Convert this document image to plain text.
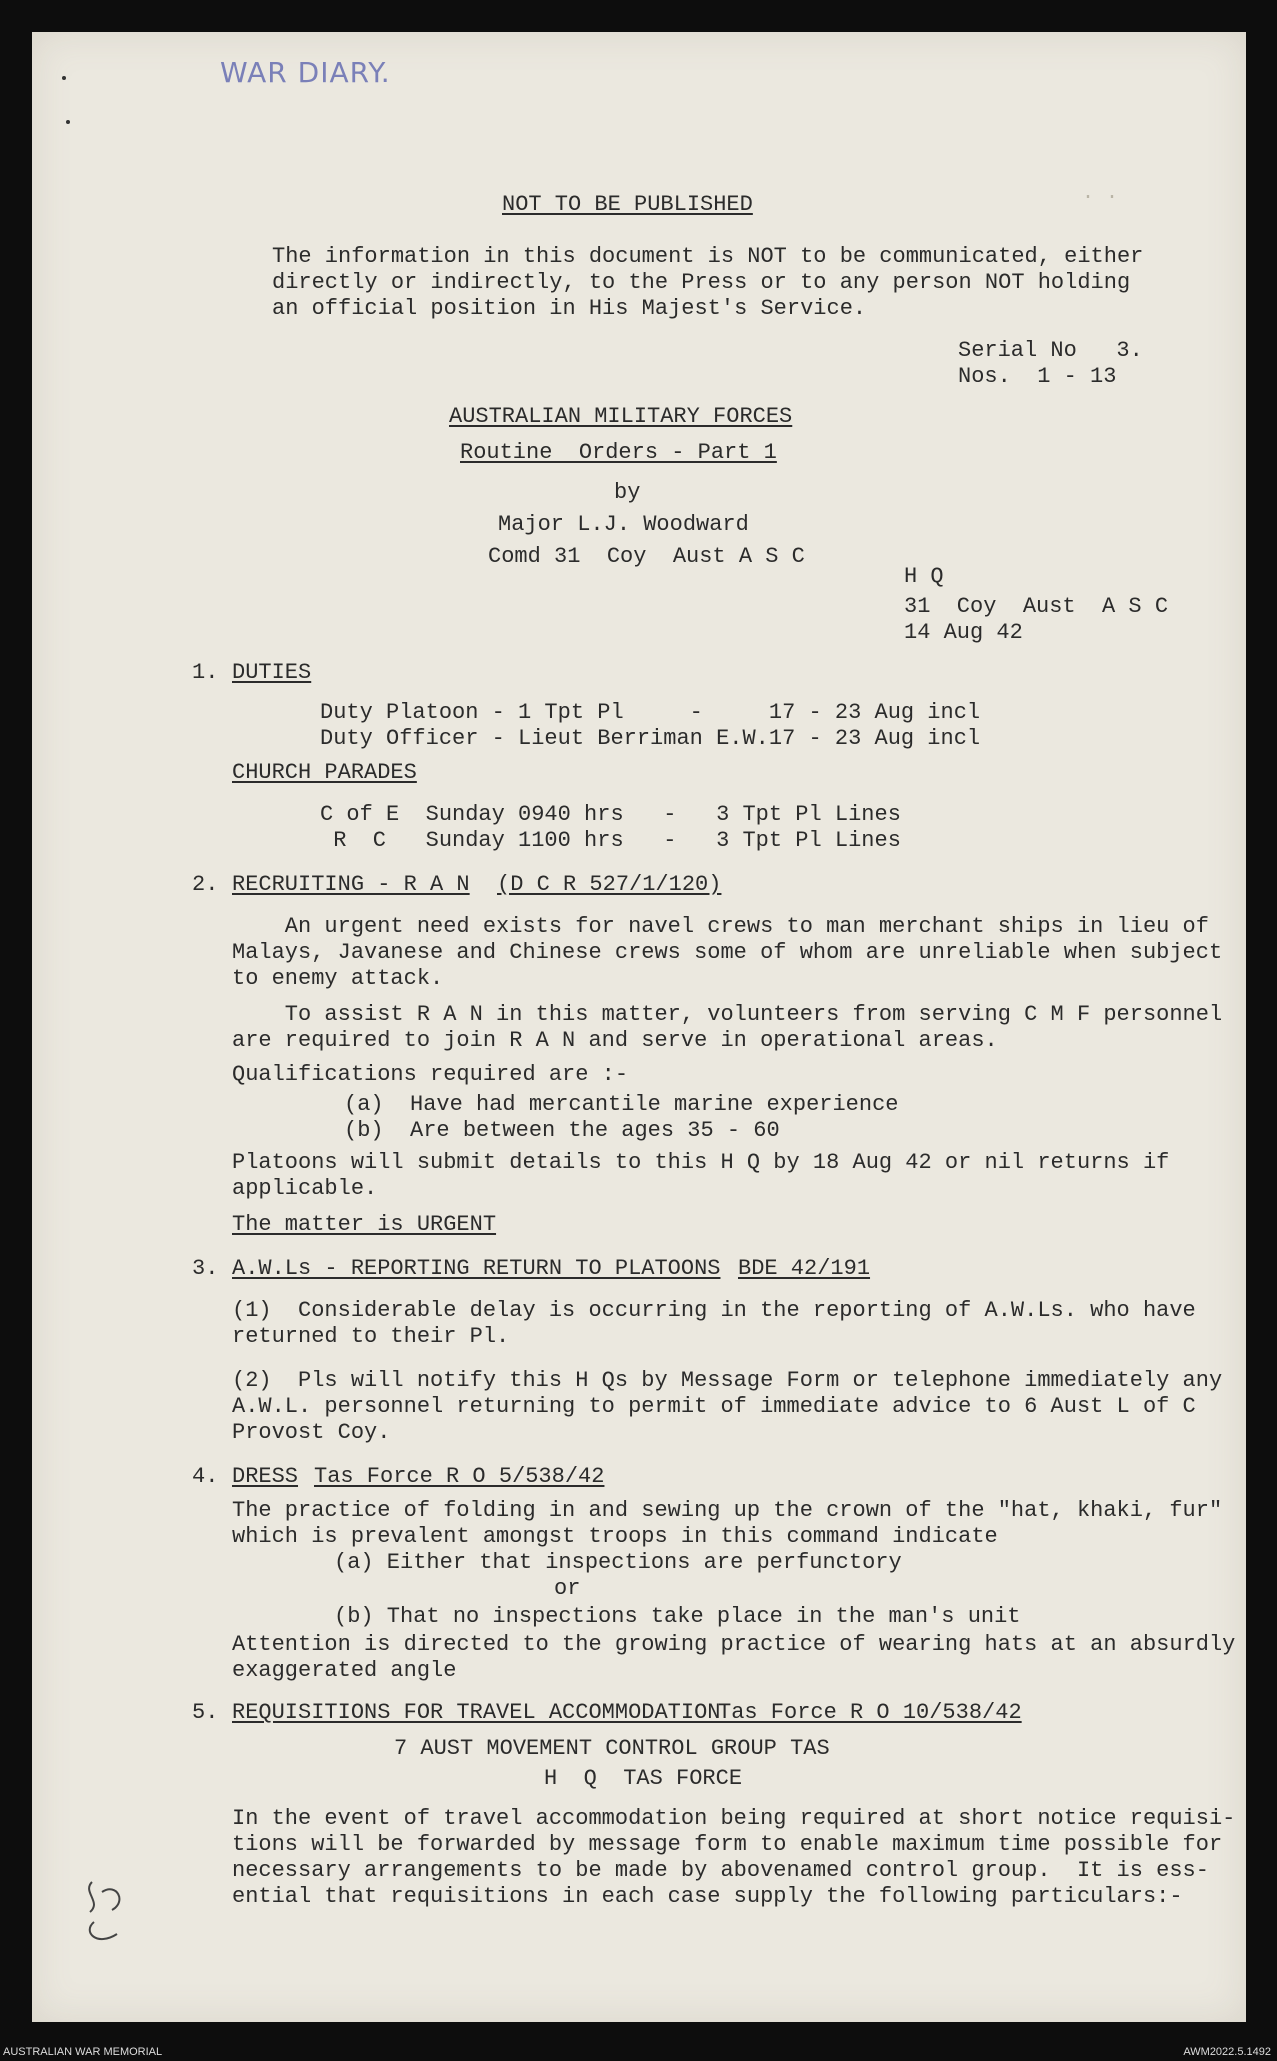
. .
WAR DIARY.
NOT TO BE PUBLISHED
The information in this document is NOT to be communicated, either
directly or indirectly, to the Press or to any person NOT holding
an official position in His Majest's Service.
Serial No   3.
Nos.  1 - 13
AUSTRALIAN MILITARY FORCES
Routine  Orders - Part 1
by
Major L.J. Woodward
Comd 31  Coy  Aust A S C
H Q
31  Coy  Aust  A S C
14 Aug 42
1. DUTIES
Duty Platoon - 1 Tpt Pl     -     17 - 23 Aug incl
Duty Officer - Lieut Berriman E.W.17 - 23 Aug incl
CHURCH PARADES
C of E  Sunday 0940 hrs   -   3 Tpt Pl Lines
R  C   Sunday 1100 hrs   -   3 Tpt Pl Lines
2. RECRUITING - R A N (D C R 527/1/120)
An urgent need exists for navel crews to man merchant ships in lieu of
Malays, Javanese and Chinese crews some of whom are unreliable when subject
to enemy attack.
To assist R A N in this matter, volunteers from serving C M F personnel
are required to join R A N and serve in operational areas.
Qualifications required are :-
(a)  Have had mercantile marine experience
(b)  Are between the ages 35 - 60
Platoons will submit details to this H Q by 18 Aug 42 or nil returns if
applicable.
The matter is URGENT
3. A.W.Ls - REPORTING RETURN TO PLATOONS BDE 42/191
(1)  Considerable delay is occurring in the reporting of A.W.Ls. who have
returned to their Pl.
(2)  Pls will notify this H Qs by Message Form or telephone immediately any
A.W.L. personnel returning to permit of immediate advice to 6 Aust L of C
Provost Coy.
4. DRESS Tas Force R O 5/538/42
The practice of folding in and sewing up the crown of the "hat, khaki, fur"
which is prevalent amongst troops in this command indicate
(a) Either that inspections are perfunctory
or
(b) That no inspections take place in the man's unit
Attention is directed to the growing practice of wearing hats at an absurdly
exaggerated angle
5. REQUISITIONS FOR TRAVEL ACCOMMODATION
Tas Force R O 10/538/42
7 AUST MOVEMENT CONTROL GROUP TAS
H  Q  TAS FORCE
In the event of travel accommodation being required at short notice requisi-
tions will be forwarded by message form to enable maximum time possible for
necessary arrangements to be made by abovenamed control group.  It is ess-
ential that requisitions in each case supply the following particulars:-
AUSTRALIAN WAR MEMORIAL	AWM2022.5.1492
